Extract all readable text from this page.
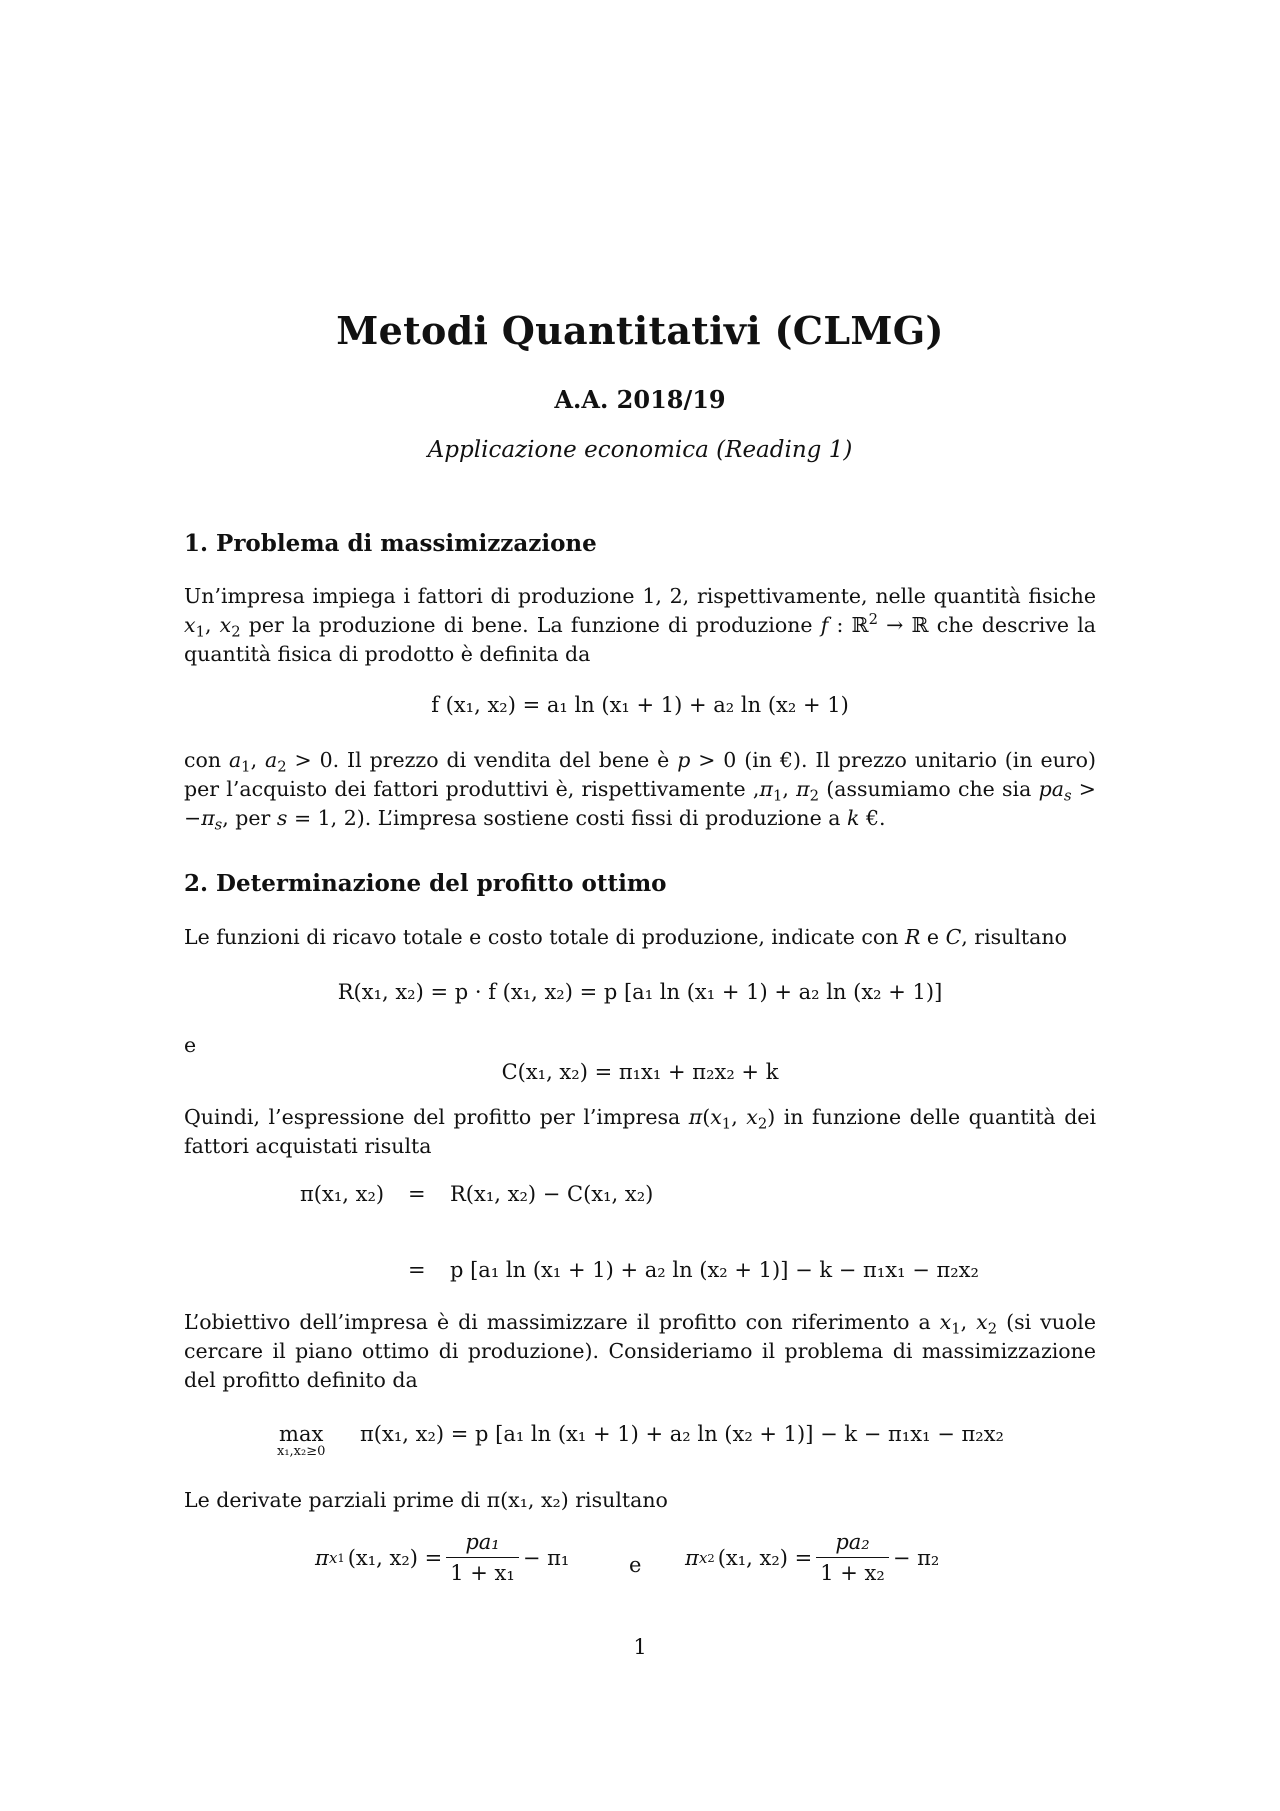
Metodi Quantitativi (CLMG)
A.A. 2018/19
Applicazione economica (Reading 1)
1. Problema di massimizzazione
Un’impresa impiega i fattori di produzione 1, 2, rispettivamente, nelle quantità fisiche $x_1$, $x_2$ per la produzione di bene. La funzione di produzione f : ℝ$^2$ → ℝ che descrive la quantità fisica di prodotto è definita da
f (x₁, x₂) = a₁ ln (x₁ + 1) + a₂ ln (x₂ + 1)
con $a_1$, $a_2 > 0$. Il prezzo di vendita del bene è p > 0 (in €). Il prezzo unitario (in euro) per l’acquisto dei fattori produttivi è, rispettivamente $,\pi_1$, $\pi_2$ (assumiamo che sia $pa_s > -\pi_s$, per s = 1, 2). L’impresa sostiene costi fissi di produzione a k €.
2. Determinazione del profitto ottimo
Le funzioni di ricavo totale e costo totale di produzione, indicate con R e C, risultano
R(x₁, x₂) = p · f (x₁, x₂) = p [a₁ ln (x₁ + 1) + a₂ ln (x₂ + 1)]
e
C(x₁, x₂) = π₁x₁ + π₂x₂ + k
Quindi, l’espressione del profitto per l’impresa $\pi(x_1$, $x_2$) in funzione delle quantità dei fattori acquistati risulta
π(x₁, x₂) = R(x₁, x₂) − C(x₁, x₂)
= p [a₁ ln (x₁ + 1) + a₂ ln (x₂ + 1)] − k − π₁x₁ − π₂x₂
L’obiettivo dell’impresa è di massimizzare il profitto con riferimento a $x_1$, $x_2$ (si vuole cercare il piano ottimo di produzione). Consideriamo il problema di massimizzazione del profitto definito da
max
x₁,x₂≥0
π(x₁, x₂) = p [a₁ ln (x₁ + 1) + a₂ ln (x₂ + 1)] − k − π₁x₁ − π₂x₂
Le derivate parziali prime di π(x₁, x₂) risultano
π x 1 (x₁, $x_2) = \frac{\text{pa₁}}{\text{1 + x₁}} - \pi_1$	e π x 2 (x₁, $x_2) = \frac{\text{pa₂}}{\text{1 + x₂}} - \pi_2$
1
